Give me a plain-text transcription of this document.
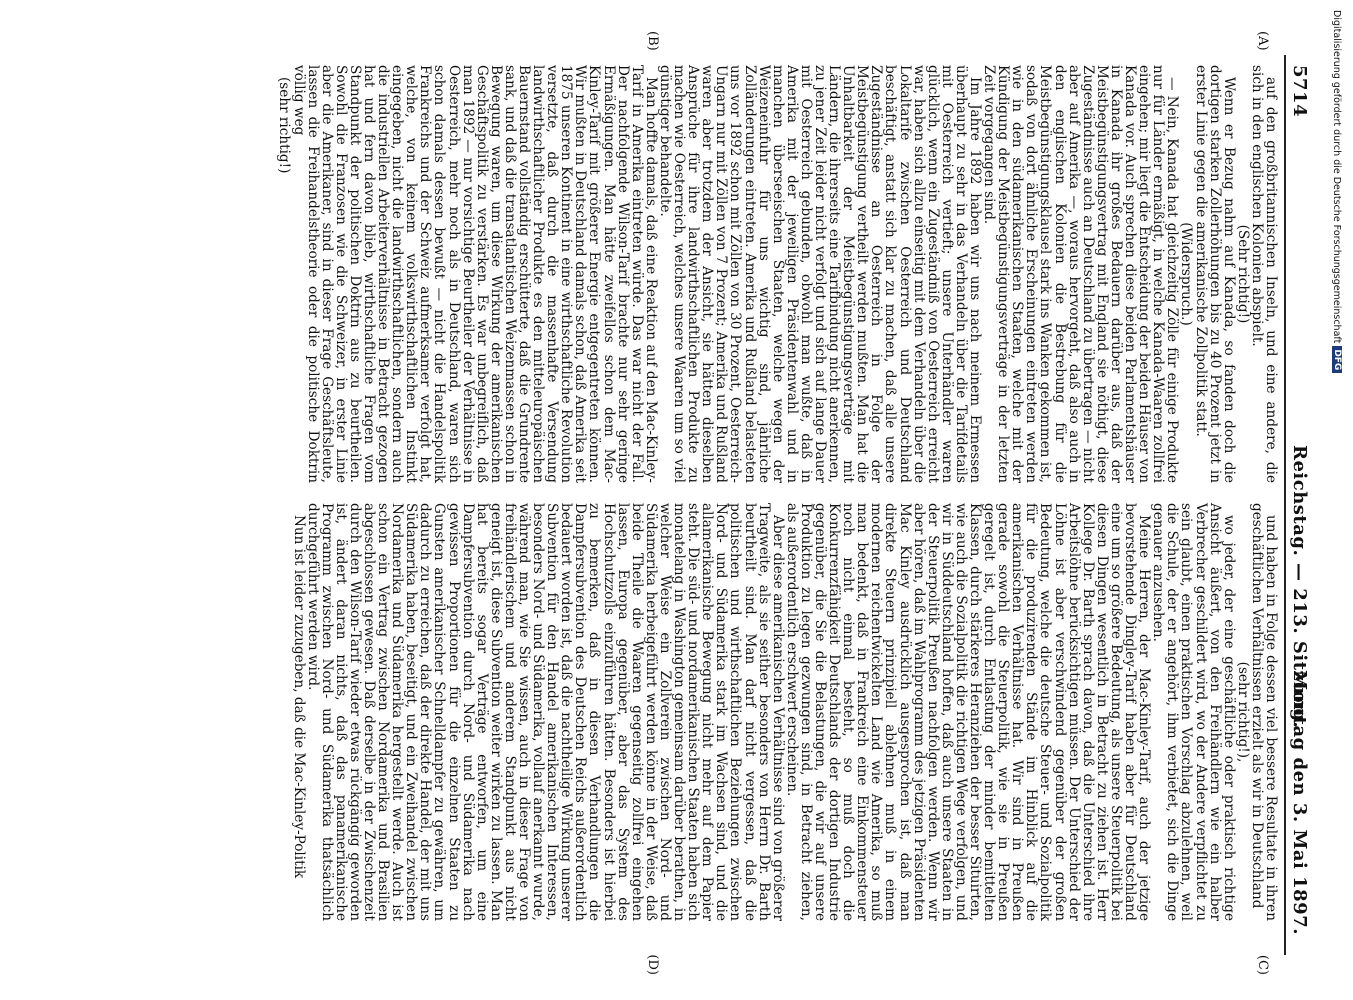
5714
Reichstag. — 213. Sitzung.
Montag den 3. Mai 1897.
(A)
(B)
(C)
(D)

auf den großbritannischen Inseln, und eine andere, die sich in den englischen Kolonien abspielt.

(Sehr richtig!)

Wenn er Bezug nahm auf Kanada, so fanden doch die dortigen starken Zollerhöhungen bis zu 40 Prozent jetzt in erster Linie gegen die amerikanische Zollpolitik statt.

(Widerspruch.)

— Nein, Kanada hat gleichzeitig Zölle für einige Produkte nur für Länder ermäßigt, in welche Kanada-Waaren zollfrei eingehen; mir liegt die Entscheidung der beiden Häuser von Kanada vor. Auch sprechen diese beiden Parlamentshäuser in Kanada ihr großes Bedauern darüber aus, daß der Meistbegünstigungsvertrag mit England sie nöthigt, diese Zugeständnisse auch an Deutschland zu übertragen — nicht aber auf Amerika —, woraus hervorgeht, daß also auch in den englischen Kolonien die Bestrebung für die Meistbegünstigungsklausel stark ins Wanken gekommen ist, sodaß von dort ähnliche Erscheinungen eintreten werden wie in den südamerikanischen Staaten, welche mit der Kündigung der Meistbegünstigungsverträge in der letzten Zeit vorgegangen sind.

Im Jahre 1892 haben wir uns nach meinem Ermessen überhaupt zu sehr in das Verhandeln über die Tarifdetails mit Oesterreich vertieft; unsere Unterhändler waren glücklich, wenn ein Zugeständniß von Oesterreich erreicht war, haben sich allzu einseitig mit dem Verhandeln über die Lokaltarife zwischen Oesterreich und Deutschland beschäftigt, anstatt sich klar zu machen, daß alle unsere Zugeständnisse an Oesterreich in Folge der Meistbegünstigung vertheilt werden mußten. Man hat die Unhaltbarkeit der Meistbegünstigungsverträge mit Ländern, die ihrerseits eine Tarifbindung nicht anerkennen, zu jener Zeit leider nicht verfolgt und sich auf lange Dauer mit Oesterreich gebunden, obwohl man wußte, daß in Amerika mit der jeweiligen Präsidentenwahl und in manchen überseeischen Staaten, welche wegen der Weizeneinfuhr für uns wichtig sind, jährliche Zolländerungen eintreten. Amerika und Rußland belasteten uns vor 1892 schon mit Zöllen von 30 Prozent, Oesterreich-Ungarn nur mit Zöllen von 7 Prozent; Amerika und Rußland waren aber trotzdem der Ansicht, sie hätten dieselben Ansprüche für ihre landwirthschaftlichen Produkte zu machen wie Oesterreich, welches unsere Waaren um so viel günstiger behandelte.

Man hoffte damals, daß eine Reaktion auf den Mac-Kinley-Tarif in Amerika eintreten würde. Das war nicht der Fall. Der nachfolgende Wilson-Tarif brachte nur sehr geringe Ermäßigungen. Man hätte zweifellos schon dem Mac-Kinley-Tarif mit größerer Energie entgegentreten können. Wir mußten in Deutschland damals schon, daß Amerika seit 1875 unseren Kontinent in eine wirthschaftliche Revolution versetzte, daß durch die massenhafte Versendung landwirthschaftlicher Produkte es den mitteleuropäischen Bauernstand vollständig erschütterte, daß die Grundrente sank, und daß die transatlantischen Weizenmassen schon in Bewegung waren, um diese Wirkung der amerikanischen Geschäftspolitik zu verstärken. Es war unbegreiflich, daß man 1892 — nur vorsichtige Beurtheiler der Verhältnisse in Oesterreich, mehr noch als in Deutschland, waren sich schon damals dessen bewußt — nicht die Handelspolitik Frankreichs und der Schweiz aufmerksamer verfolgt hat, welche, von keinem volkswirthschaftlichen Instinkt eingegeben, nicht die landwirthschaftlichen, sondern auch die industriellen Arbeiterverhältnisse in Betracht gezogen hat und fern davon blieb, wirthschaftliche Fragen vom Standpunkt der politischen Doktrin aus zu beurtheilen. Sowohl die Franzosen wie die Schweizer, in erster Linie aber die Amerikaner, sind in dieser Frage Geschäftsleute, lassen die Freihandelstheorie oder die politische Doktrin völlig weg

(sehr richtig!)

und haben in Folge dessen viel bessere Resultate in ihren geschäftlichen Verhältnissen erzielt als wir in Deutschland

(sehr richtig!),

wo jeder, der eine geschäftliche oder praktisch richtige Ansicht äußert, von den Freihändlern wie ein halber Verbrecher geschildert wird, wo der Andere verpflichtet zu sein glaubt, einen praktischen Vorschlag abzulehnen, weil die Schule, der er angehört, ihm verbietet, sich die Dinge genauer anzusehen.

Meine Herren, der Mac-Kinley-Tarif, auch der jetzige bevorstehende Dingley-Tarif haben aber für Deutschland eine um so größere Bedeutung, als unsere Steuerpolitik bei diesen Dingen wesentlich in Betracht zu ziehen ist. Herr Kollege Dr. Barth sprach davon, daß die Unterschied ihre Arbeitslöhne berücksichtigen müssen. Der Unterschied der Löhne ist aber verschwindend gegenüber der großen Bedeutung, welche die deutsche Steuer- und Sozialpolitik für die produzirenden Stände im Hinblick auf die amerikanischen Verhältnisse hat. Wir sind in Preußen gerade sowohl die Steuerpolitik, wie sie in Preußen geregelt ist, durch Entlastung der minder bemittelten Klassen, durch stärkeres Heranziehen der besser Situirten, wie auch die Sozialpolitik die richtigen Wege verfolgen, und wir in Süddeutschland hoffen, daß auch unsere Staaten in der Steuerpolitik Preußen nachfolgen werden. Wenn wir aber hören, daß im Wahlprogramm des jetzigen Präsidenten Mac Kinley ausdrücklich ausgesprochen ist, daß man direkte Steuern prinzipiell ablehnen muß in einem modernen reichentwickelten Land wie Amerika, so muß man bedenkt, daß in Frankreich eine Einkommensteuer noch nicht einmal besteht, so muß doch die Konkurrenzfähigkeit Deutschlands der dortigen Industrie gegenüber, die Sie die Belastungen, die wir auf unsere Produktion zu legen gezwungen sind, in Betracht ziehen, als außerordentlich erschwert erscheinen.

Aber diese amerikanischen Verhältnisse sind von größerer Tragweite, als sie seither besonders von Herrn Dr. Barth beurtheilt sind. Man darf nicht vergessen, daß die politischen und wirthschaftlichen Beziehungen zwischen Nord- und Südamerika stark im Wachsen sind, und die allamerikanische Bewegung nicht mehr auf dem Papier steht. Die süd- und nordamerikanischen Staaten haben sich monatelang in Washington gemeinsam darüber berathen, in welcher Weise ein Zollverein zwischen Nord- und Südamerika herbeigeführt werden könne in der Weise, daß beide Theile die Waaren gegenseitig zollfrei eingehen lassen, Europa gegenüber, aber das System des Hochschutzzolls einzuführen hätten. Besonders ist hierbei zu bemerken, daß in diesen Verhandlungen die Dampfersubvention des Deutschen Reichs außerordentlich bedauert worden ist, daß die nachtheilige Wirkung unserer Subvention für den Handel amerikanischen Interessen, besonders Nord- und Südamerika, vollauf anerkannt wurde, während man, wie Sie wissen, auch in dieser Frage von freihändlerischem und anderem Standpunkt aus nicht geneigt ist, diese Subvention weiter wirken zu lassen. Man hat bereits sogar Verträge entworfen, um eine Dampfersubvention durch Nord- und Südamerika nach gewissen Proportionen für die einzelnen Staaten zu Gunsten amerikanischer Schnelldampfer zu gewähren, um dadurch zu erreichen, daß der direkte Handel, der mit uns Südamerika haben, beseitigt, und ein Zweihandel zwischen Nordamerika und Südamerika hergestellt werde. Auch ist schon ein Vertrag zwischen Nordamerika und Brasilien abgeschlossen gewesen. Daß derselbe in der Zwischenzeit durch den Wilson-Tarif wieder etwas rückgängig geworden ist, ändert daran nichts, daß das panamerikanische Programm zwischen Nord- und Südamerika thatsächlich durchgeführt werden wird.

Nun ist leider zuzugeben, daß die Mac-Kinley-Politik

Digitalisierung gefördert durch die Deutsche Forschungsgemeinschaft
DFG
